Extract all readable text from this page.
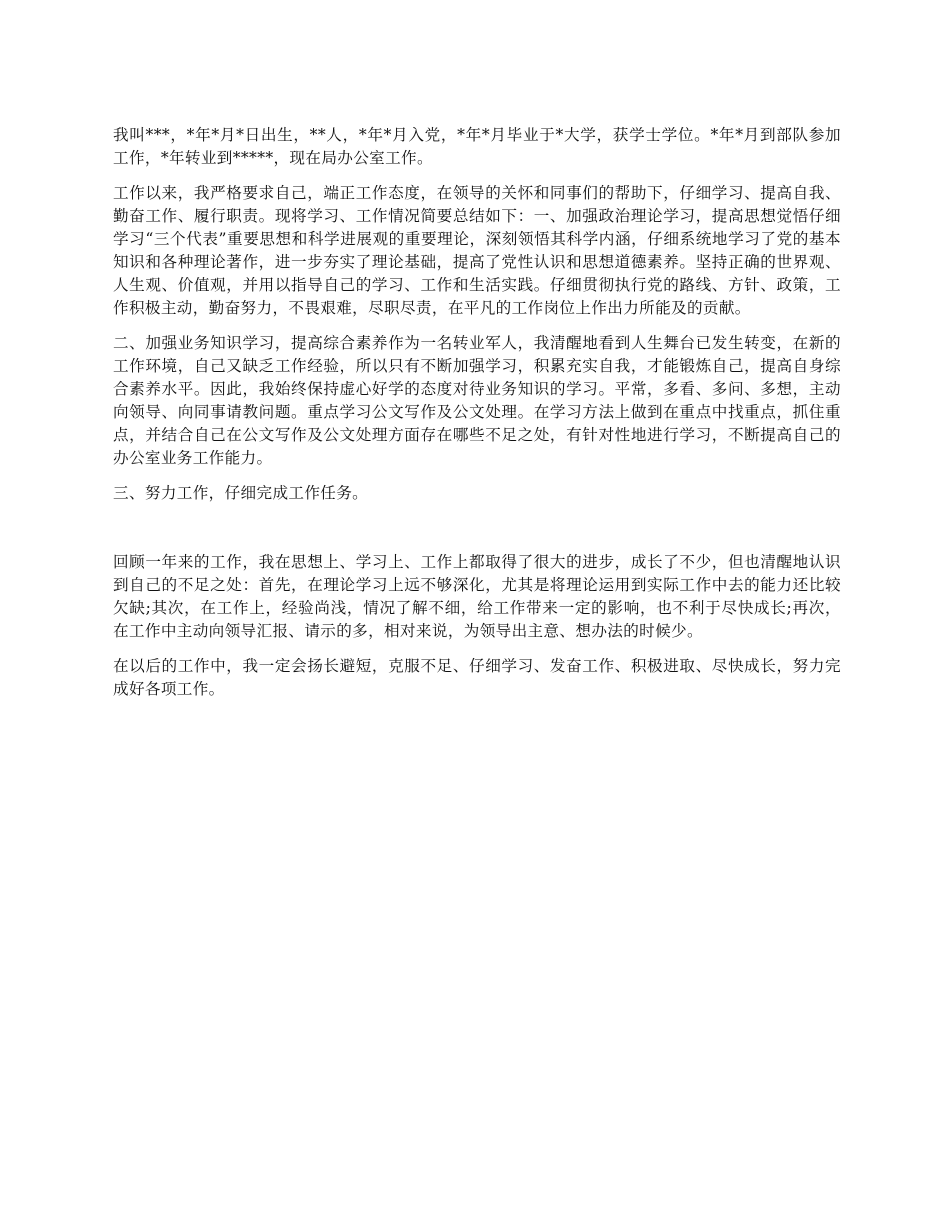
我叫***，*年*月*日出生，**人，*年*月入党，*年*月毕业于*大学，获学士学位。*年*月到部队参加工作，*年转业到*****，现在局办公室工作。

工作以来，我严格要求自己，端正工作态度，在领导的关怀和同事们的帮助下，仔细学习、提高自我、勤奋工作、履行职责。现将学习、工作情况简要总结如下：一、加强政治理论学习，提高思想觉悟仔细学习“三个代表”重要思想和科学进展观的重要理论，深刻领悟其科学内涵，仔细系统地学习了党的基本知识和各种理论著作，进一步夯实了理论基础，提高了党性认识和思想道德素养。坚持正确的世界观、人生观、价值观，并用以指导自己的学习、工作和生活实践。仔细贯彻执行党的路线、方针、政策，工作积极主动，勤奋努力，不畏艰难，尽职尽责，在平凡的工作岗位上作出力所能及的贡献。

二、加强业务知识学习，提高综合素养作为一名转业军人，我清醒地看到人生舞台已发生转变，在新的工作环境，自己又缺乏工作经验，所以只有不断加强学习，积累充实自我，才能锻炼自己，提高自身综合素养水平。因此，我始终保持虚心好学的态度对待业务知识的学习。平常，多看、多问、多想，主动向领导、向同事请教问题。重点学习公文写作及公文处理。在学习方法上做到在重点中找重点，抓住重点，并结合自己在公文写作及公文处理方面存在哪些不足之处，有针对性地进行学习，不断提高自己的办公室业务工作能力。

三、努力工作，仔细完成工作任务。

回顾一年来的工作，我在思想上、学习上、工作上都取得了很大的进步，成长了不少，但也清醒地认识到自己的不足之处：首先，在理论学习上远不够深化，尤其是将理论运用到实际工作中去的能力还比较欠缺;其次，在工作上，经验尚浅，情况了解不细，给工作带来一定的影响，也不利于尽快成长;再次，在工作中主动向领导汇报、请示的多，相对来说，为领导出主意、想办法的时候少。

在以后的工作中，我一定会扬长避短，克服不足、仔细学习、发奋工作、积极进取、尽快成长，努力完成好各项工作。
